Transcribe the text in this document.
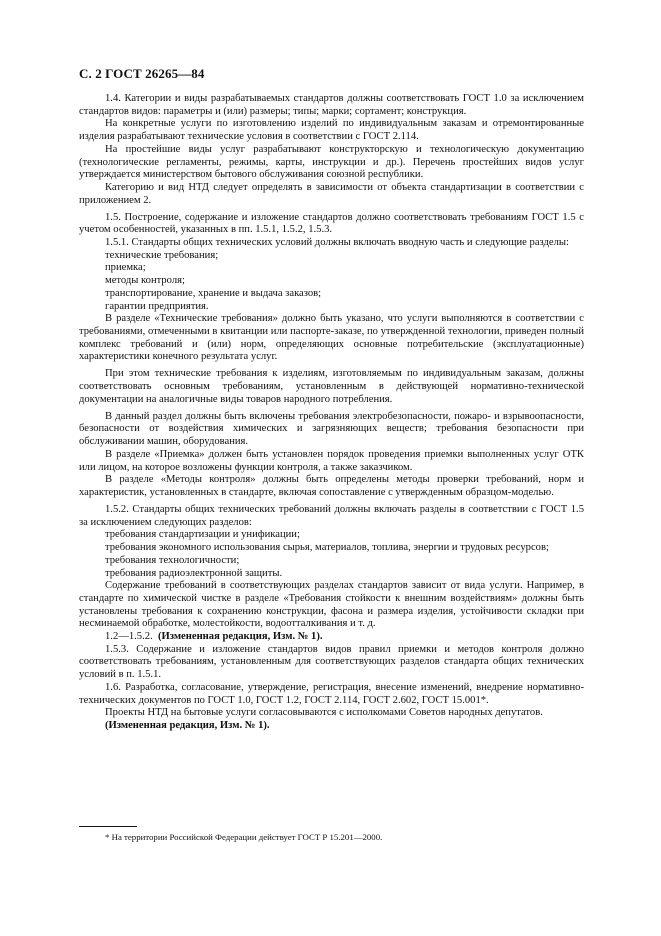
С. 2 ГОСТ 26265—84

1.4. Категории и виды разрабатываемых стандартов должны соответствовать ГОСТ 1.0 за исключением стандартов видов: параметры и (или) размеры; типы; марки; сортамент; конструкция.

На конкретные услуги по изготовлению изделий по индивидуальным заказам и отремонтированные изделия разрабатывают технические условия в соответствии с ГОСТ 2.114.

На простейшие виды услуг разрабатывают конструкторскую и технологическую документацию (технологические регламенты, режимы, карты, инструкции и др.). Перечень простейших видов услуг утверждается министерством бытового обслуживания союзной республики.

Категорию и вид НТД следует определять в зависимости от объекта стандартизации в соответствии с приложением 2.

1.5. Построение, содержание и изложение стандартов должно соответствовать требованиям ГОСТ 1.5 с учетом особенностей, указанных в пп. 1.5.1, 1.5.2, 1.5.3.

1.5.1. Стандарты общих технических условий должны включать вводную часть и следующие разделы:

технические требования;

приемка;

методы контроля;

транспортирование, хранение и выдача заказов;

гарантии предприятия.

В разделе «Технические требования» должно быть указано, что услуги выполняются в соответствии с требованиями, отмеченными в квитанции или паспорте-заказе, по утвержденной технологии, приведен полный комплекс требований и (или) норм, определяющих основные потребительские (эксплуатационные) характеристики конечного результата услуг.

При этом технические требования к изделиям, изготовляемым по индивидуальным заказам, должны соответствовать основным требованиям, установленным в действующей нормативно-технической документации на аналогичные виды товаров народного потребления.

В данный раздел должны быть включены требования электробезопасности, пожаро- и взрывоопасности, безопасности от воздействия химических и загрязняющих веществ; требования безопасности при обслуживании машин, оборудования.

В разделе «Приемка» должен быть установлен порядок проведения приемки выполненных услуг ОТК или лицом, на которое возложены функции контроля, а также заказчиком.

В разделе «Методы контроля» должны быть определены методы проверки требований, норм и характеристик, установленных в стандарте, включая сопоставление с утвержденным образцом-моделью.

1.5.2. Стандарты общих технических требований должны включать разделы в соответствии с ГОСТ 1.5 за исключением следующих разделов:

требования стандартизации и унификации;

требования экономного использования сырья, материалов, топлива, энергии и трудовых ресурсов;

требования технологичности;

требования радиоэлектронной защиты.

Содержание требований в соответствующих разделах стандартов зависит от вида услуги. Например, в стандарте по химической чистке в разделе «Требования стойкости к внешним воздействиям» должны быть установлены требования к сохранению конструкции, фасона и размера изделия, устойчивости складки при несминаемой обработке, молестойкости, водоотталкивания и т. д.

1.2—1.5.2. (Измененная редакция, Изм. № 1).

1.5.3. Содержание и изложение стандартов видов правил приемки и методов контроля должно соответствовать требованиям, установленным для соответствующих разделов стандарта общих технических условий в п. 1.5.1.

1.6. Разработка, согласование, утверждение, регистрация, внесение изменений, внедрение нормативно-технических документов по ГОСТ 1.0, ГОСТ 1.2, ГОСТ 2.114, ГОСТ 2.602, ГОСТ 15.001*.

Проекты НТД на бытовые услуги согласовываются с исполкомами Советов народных депутатов.

(Измененная редакция, Изм. № 1).

* На территории Российской Федерации действует ГОСТ Р 15.201—2000.
